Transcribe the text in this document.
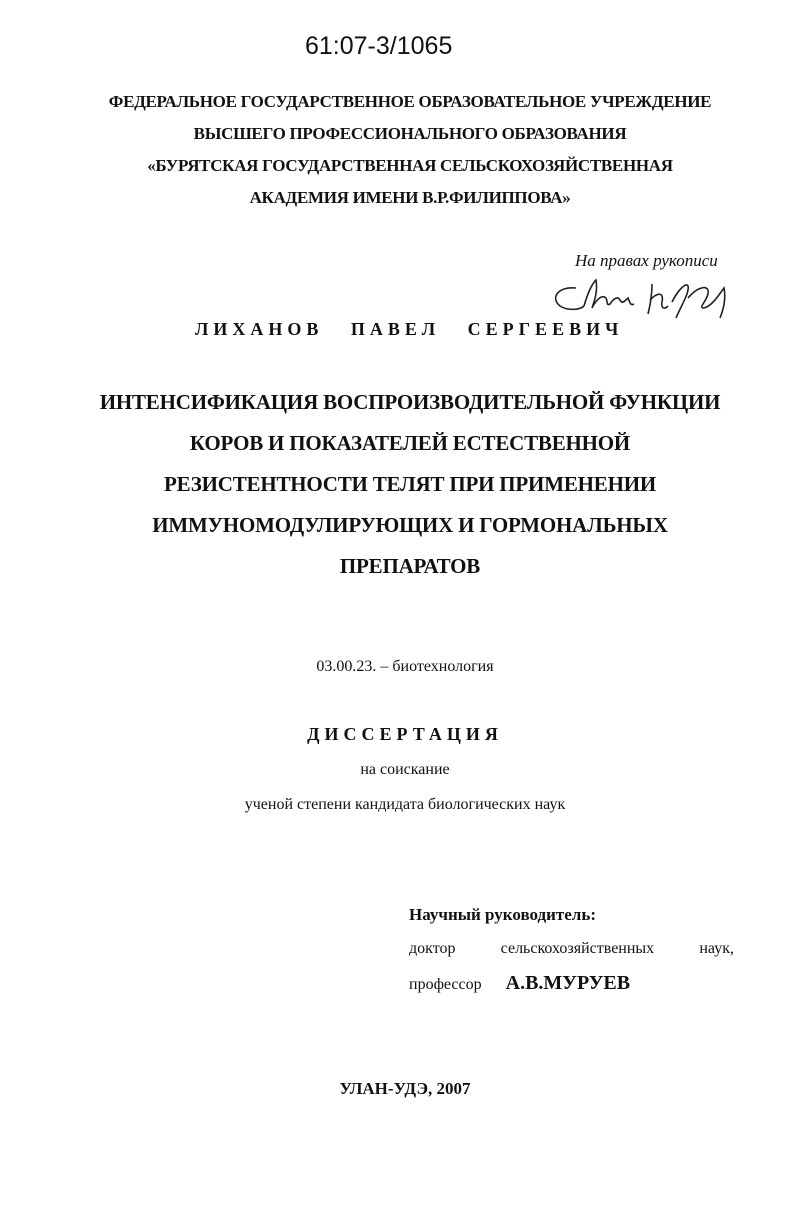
61:07-3/1065
ФЕДЕРАЛЬНОЕ ГОСУДАРСТВЕННОЕ ОБРАЗОВАТЕЛЬНОЕ УЧРЕЖДЕНИЕ
ВЫСШЕГО ПРОФЕССИОНАЛЬНОГО ОБРАЗОВАНИЯ
«БУРЯТСКАЯ ГОСУДАРСТВЕННАЯ СЕЛЬСКОХОЗЯЙСТВЕННАЯ
АКАДЕМИЯ ИМЕНИ В.Р.ФИЛИППОВА»
На правах рукописи
ЛИХАНОВ ПАВЕЛ СЕРГЕЕВИЧ
ИНТЕНСИФИКАЦИЯ ВОСПРОИЗВОДИТЕЛЬНОЙ ФУНКЦИИ
КОРОВ И ПОКАЗАТЕЛЕЙ ЕСТЕСТВЕННОЙ
РЕЗИСТЕНТНОСТИ ТЕЛЯТ ПРИ ПРИМЕНЕНИИ
ИММУНОМОДУЛИРУЮЩИХ И ГОРМОНАЛЬНЫХ
ПРЕПАРАТОВ
03.00.23. – биотехнология
ДИССЕРТАЦИЯ
на соискание
ученой степени кандидата биологических наук
Научный руководитель:
доктор сельскохозяйственных наук,
профессор А.В.МУРУЕВ
УЛАН-УДЭ, 2007
